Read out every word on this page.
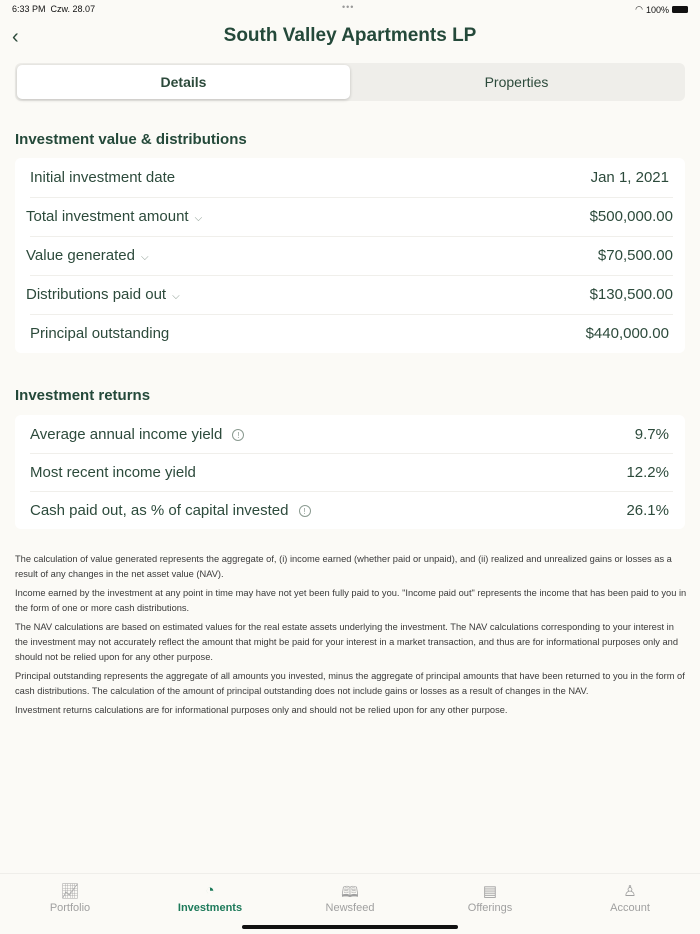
6:33 PM Czw. 28.07	•••	◠ 100%
‹	South Valley Apartments LP
Details	Properties
Investment value & distributions
Initial investment date	Jan 1, 2021
Total investment amount ⌵	$500,000.00
Value generated ⌵	$70,500.00
Distributions paid out ⌵	$130,500.00
Principal outstanding	$440,000.00
Investment returns
Average annual income yield !	9.7%
Most recent income yield	12.2%
Cash paid out, as % of capital invested !	26.1%

The calculation of value generated represents the aggregate of, (i) income earned (whether paid or unpaid), and (ii) realized and unrealized gains or losses as a result of any changes in the net asset value (NAV).

Income earned by the investment at any point in time may have not yet been fully paid to you. "Income paid out" represents the income that has been paid to you in the form of one or more cash distributions.

The NAV calculations are based on estimated values for the real estate assets underlying the investment. The NAV calculations corresponding to your interest in the investment may not accurately reflect the amount that might be paid for your interest in a market transaction, and thus are for informational purposes only and should not be relied upon for any other purpose.

Principal outstanding represents the aggregate of all amounts you invested, minus the aggregate of principal amounts that have been returned to you in the form of cash distributions. The calculation of the amount of principal outstanding does not include gains or losses as a result of changes in the NAV.

Investment returns calculations are for informational purposes only and should not be relied upon for any other purpose.

📈︎
Portfolio
◔
Investments
🕮
Newsfeed
▤
Offerings
♙
Account
